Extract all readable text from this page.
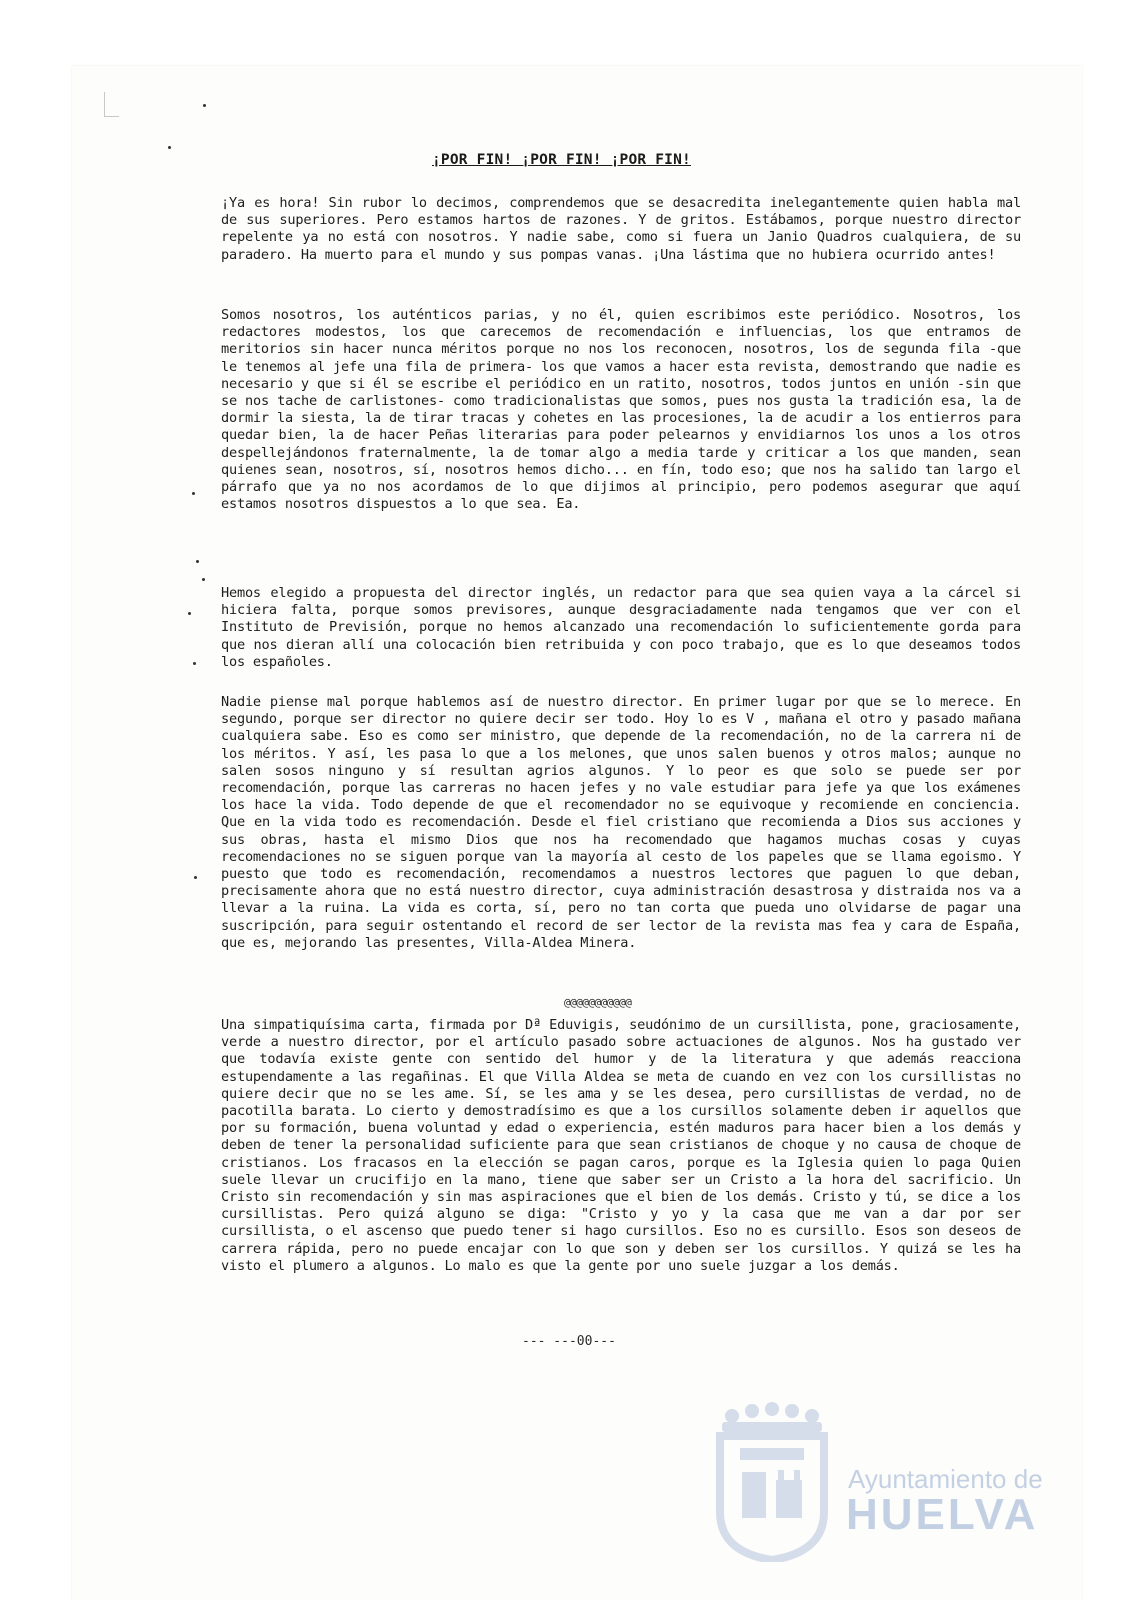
¡POR FIN! ¡POR FIN! ¡POR FIN!
¡Ya es hora! Sin rubor lo decimos, comprendemos que se desacredita inelegantemente quien habla mal de sus superiores. Pero estamos hartos de razones. Y de gritos. Estábamos, porque nuestro director repelente ya no está con nosotros. Y nadie sabe, como si fuera un Janio Quadros cualquiera, de su paradero. Ha muerto para el mundo y sus pompas vanas. ¡Una lástima que no hubiera ocurrido antes!
Somos nosotros, los auténticos parias, y no él, quien escribimos este periódico. Nosotros, los redactores modestos, los que carecemos de recomendación e influencias, los que entramos de meritorios sin hacer nunca méritos porque no nos los reconocen, nosotros, los de segunda fila -que le tenemos al jefe una fila de primera- los que vamos a hacer esta revista, demostrando que nadie es necesario y que si él se escribe el periódico en un ratito, nosotros, todos juntos en unión -sin que se nos tache de carlistones- como tradicionalistas que somos, pues nos gusta la tradición esa, la de dormir la siesta, la de tirar tracas y cohetes en las procesiones, la de acudir a los entierros para quedar bien, la de hacer Peñas literarias para poder pelearnos y envidiarnos los unos a los otros despellejándonos fraternalmente, la de tomar algo a media tarde y criticar a los que manden, sean quienes sean, nosotros, sí, nosotros hemos dicho... en fín, todo eso; que nos ha salido tan largo el párrafo que ya no nos acordamos de lo que dijimos al principio, pero podemos asegurar que aquí estamos nosotros dispuestos a lo que sea. Ea.
Hemos elegido a propuesta del director inglés, un redactor para que sea quien vaya a la cárcel si hiciera falta, porque somos previsores, aunque desgraciadamente nada tengamos que ver con el Instituto de Previsión, porque no hemos alcanzado una recomendación lo suficientemente gorda para que nos dieran allí una colocación bien retribuida y con poco trabajo, que es lo que deseamos todos los españoles.
Nadie piense mal porque hablemos así de nuestro director. En primer lugar por que se lo merece. En segundo, porque ser director no quiere decir ser todo. Hoy lo es V , mañana el otro y pasado mañana cualquiera sabe. Eso es como ser ministro, que depende de la recomendación, no de la carrera ni de los méritos. Y así, les pasa lo que a los melones, que unos salen buenos y otros malos; aunque no salen sosos ninguno y sí resultan agrios algunos. Y lo peor es que solo se puede ser por recomendación, porque las carreras no hacen jefes y no vale estudiar para jefe ya que los exámenes los hace la vida. Todo depende de que el recomendador no se equivoque y recomiende en conciencia. Que en la vida todo es recomendación. Desde el fiel cristiano que recomienda a Dios sus acciones y sus obras, hasta el mismo Dios que nos ha recomendado que hagamos muchas cosas y cuyas recomendaciones no se siguen porque van la mayoría al cesto de los papeles que se llama egoismo. Y puesto que todo es recomendación, recomendamos a nuestros lectores que paguen lo que deban, precisamente ahora que no está nuestro director, cuya administración desastrosa y distraida nos va a llevar a la ruina. La vida es corta, sí, pero no tan corta que pueda uno olvidarse de pagar una suscripción, para seguir ostentando el record de ser lector de la revista mas fea y cara de España, que es, mejorando las presentes, Villa-Aldea Minera.
@@@@@@@@@@@
Una simpatiquísima carta, firmada por Dª Eduvigis, seudónimo de un cursillista, pone, graciosamente, verde a nuestro director, por el artículo pasado sobre actuaciones de algunos. Nos ha gustado ver que todavía existe gente con sentido del humor y de la literatura y que además reacciona estupendamente a las regañinas. El que Villa Aldea se meta de cuando en vez con los cursillistas no quiere decir que no se les ame. Sí, se les ama y se les desea, pero cursillistas de verdad, no de pacotilla barata. Lo cierto y demostradísimo es que a los cursillos solamente deben ir aquellos que por su formación, buena voluntad y edad o experiencia, estén maduros para hacer bien a los demás y deben de tener la personalidad suficiente para que sean cristianos de choque y no causa de choque de cristianos. Los fracasos en la elección se pagan caros, porque es la Iglesia quien lo paga Quien suele llevar un crucifijo en la mano, tiene que saber ser un Cristo a la hora del sacrificio. Un Cristo sin recomendación y sin mas aspiraciones que el bien de los demás. Cristo y tú, se dice a los cursillistas. Pero quizá alguno se diga: "Cristo y yo y la casa que me van a dar por ser cursillista, o el ascenso que puedo tener si hago cursillos. Eso no es cursillo. Esos son deseos de carrera rápida, pero no puede encajar con lo que son y deben ser los cursillos. Y quizá se les ha visto el plumero a algunos. Lo malo es que la gente por uno suele juzgar a los demás.
--- ---00---
Ayuntamiento de
HUELVA
